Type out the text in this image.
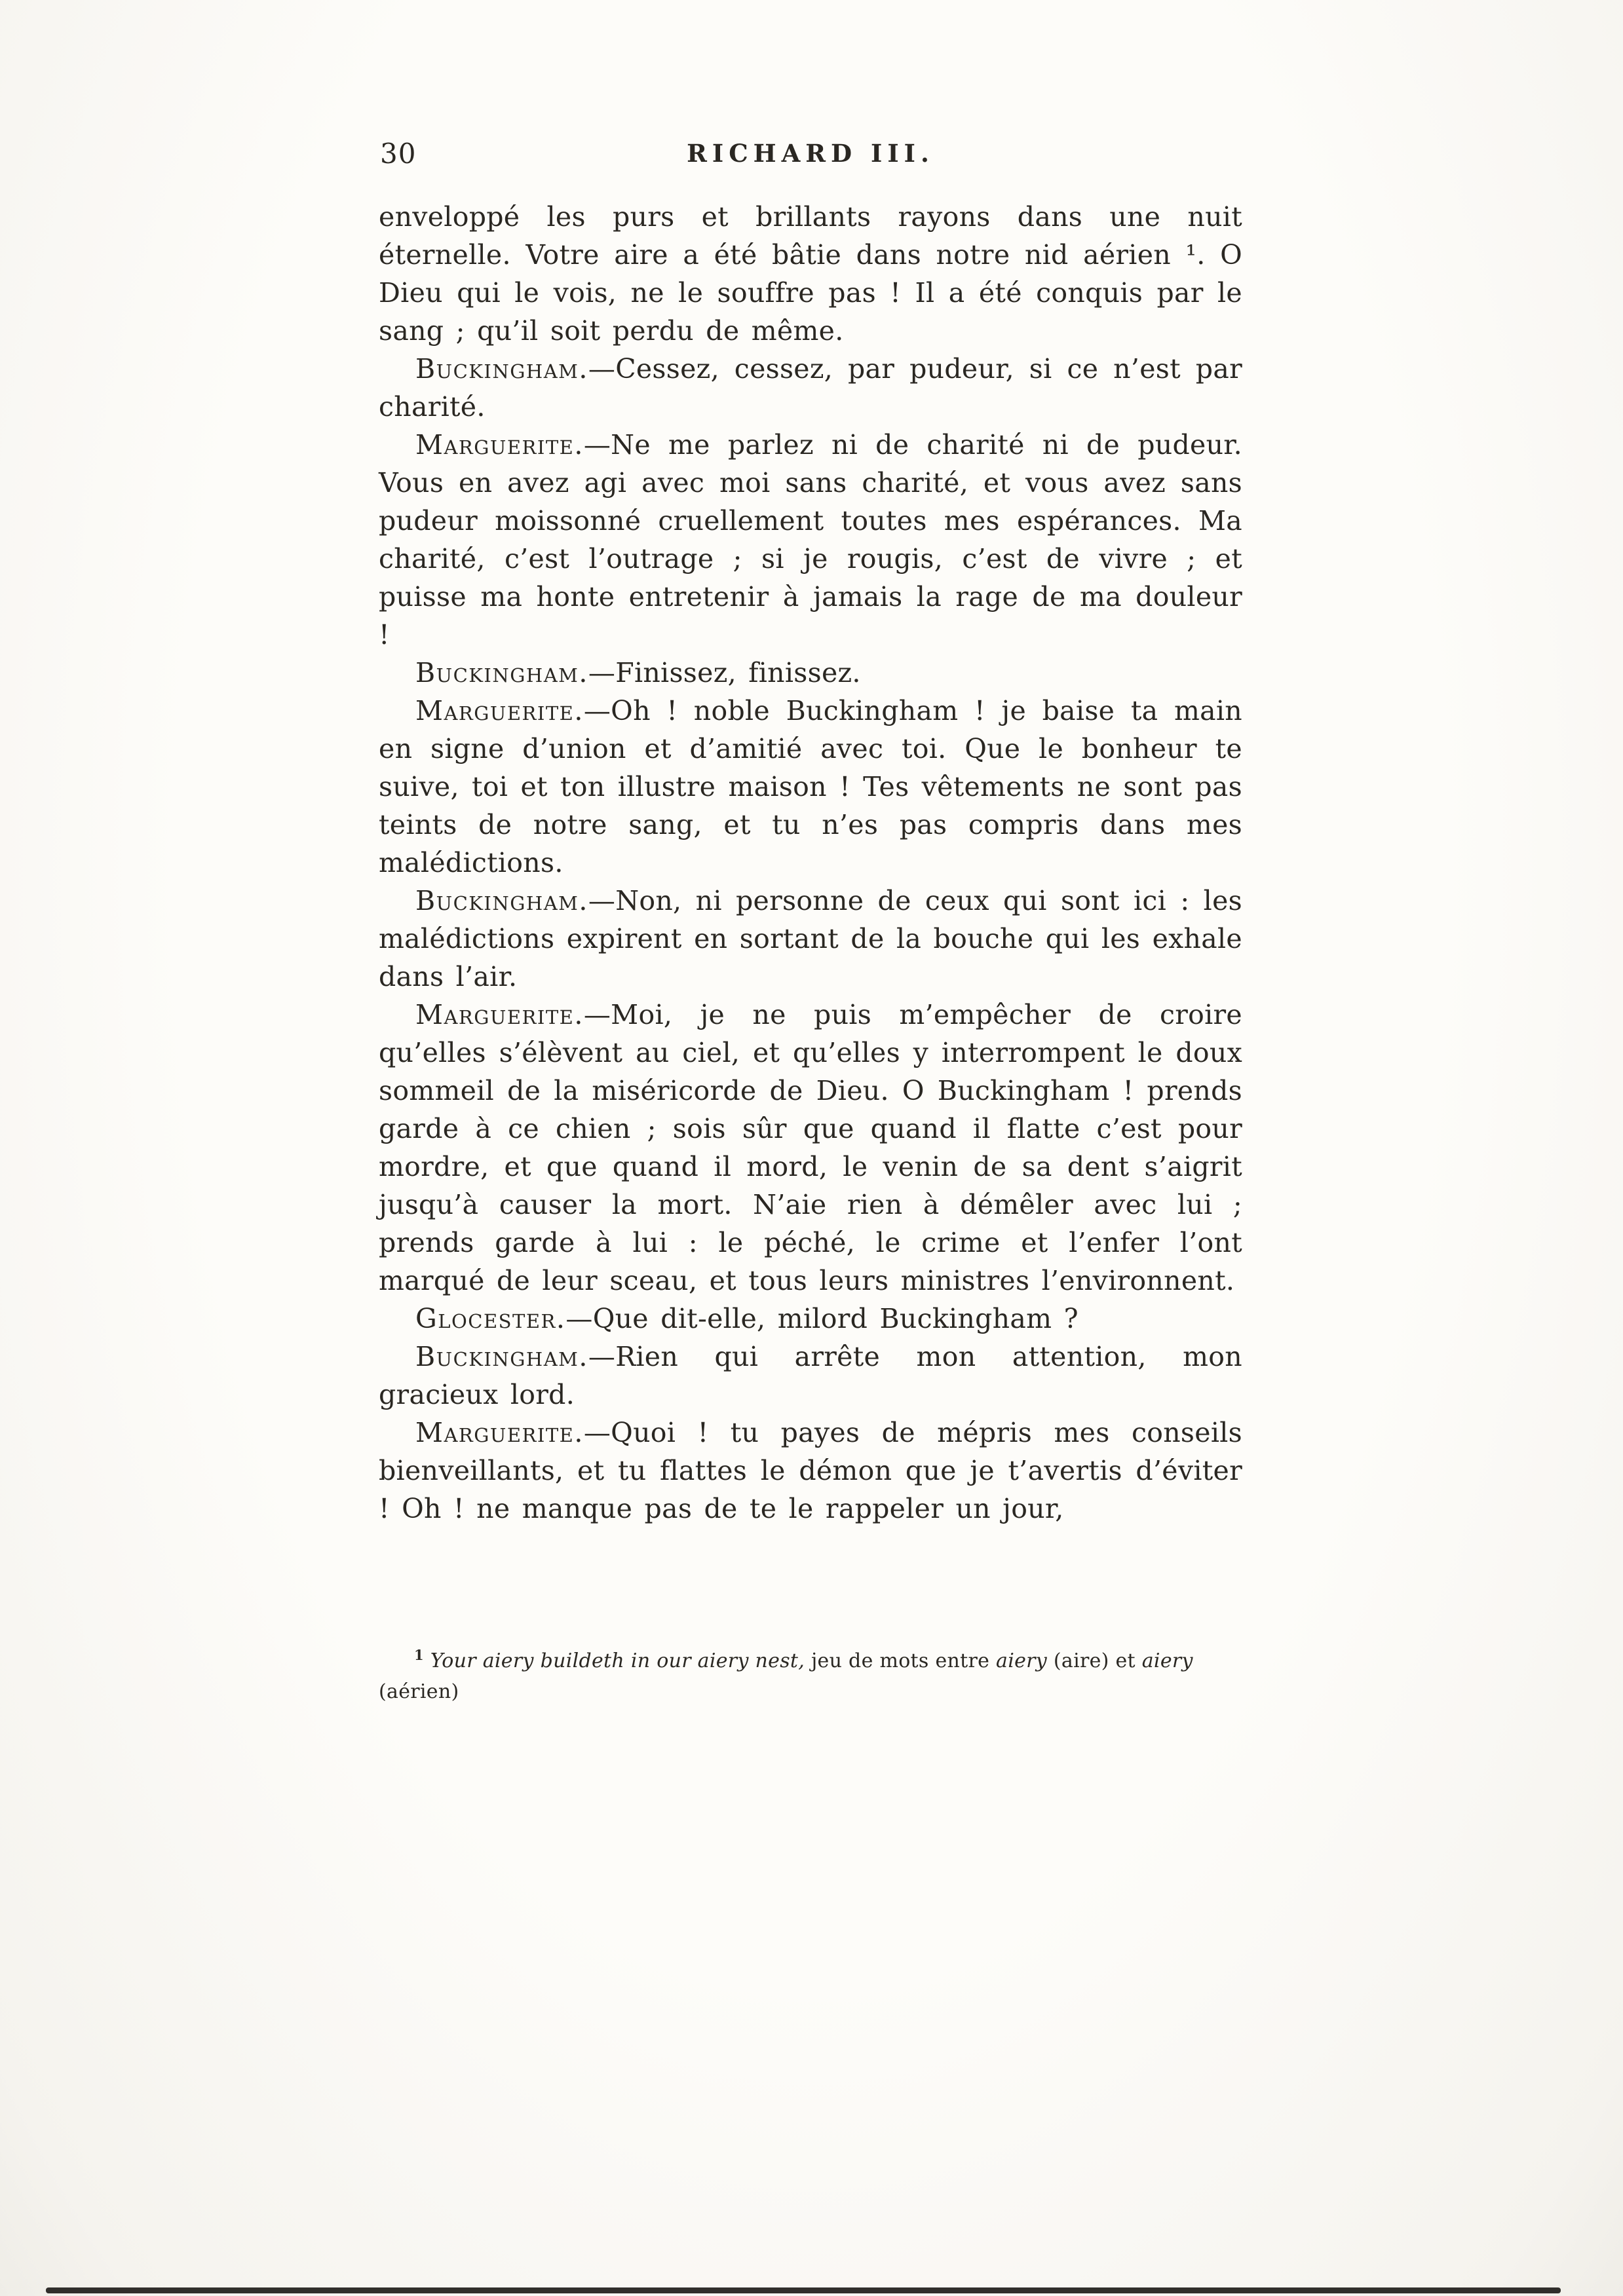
30	RICHARD III.

enveloppé les purs et brillants rayons dans une nuit éternelle. Votre aire a été bâtie dans notre nid aérien ¹. O Dieu qui le vois, ne le souffre pas ! Il a été conquis par le sang ; qu’il soit perdu de même.

Buckingham.—Cessez, cessez, par pudeur, si ce n’est par charité.

Marguerite.—Ne me parlez ni de charité ni de pudeur. Vous en avez agi avec moi sans charité, et vous avez sans pudeur moissonné cruellement toutes mes espérances. Ma charité, c’est l’outrage ; si je rougis, c’est de vivre ; et puisse ma honte entretenir à jamais la rage de ma douleur !

Buckingham.—Finissez, finissez.

Marguerite.—Oh ! noble Buckingham ! je baise ta main en signe d’union et d’amitié avec toi. Que le bonheur te suive, toi et ton illustre maison ! Tes vêtements ne sont pas teints de notre sang, et tu n’es pas compris dans mes malédictions.

Buckingham.—Non, ni personne de ceux qui sont ici : les malédictions expirent en sortant de la bouche qui les exhale dans l’air.

Marguerite.—Moi, je ne puis m’empêcher de croire qu’elles s’élèvent au ciel, et qu’elles y interrompent le doux sommeil de la miséricorde de Dieu. O Buckingham ! prends garde à ce chien ; sois sûr que quand il flatte c’est pour mordre, et que quand il mord, le venin de sa dent s’aigrit jusqu’à causer la mort. N’aie rien à démêler avec lui ; prends garde à lui : le péché, le crime et l’enfer l’ont marqué de leur sceau, et tous leurs ministres l’environnent.

Glocester.—Que dit-elle, milord Buckingham ?

Buckingham.—Rien qui arrête mon attention, mon gracieux lord.

Marguerite.—Quoi ! tu payes de mépris mes conseils bienveillants, et tu flattes le démon que je t’avertis d’éviter ! Oh ! ne manque pas de te le rappeler un jour,

$^1$ Your aiery buildeth in our aiery nest, jeu de mots entre aiery (aire) et aiery (aérien)
